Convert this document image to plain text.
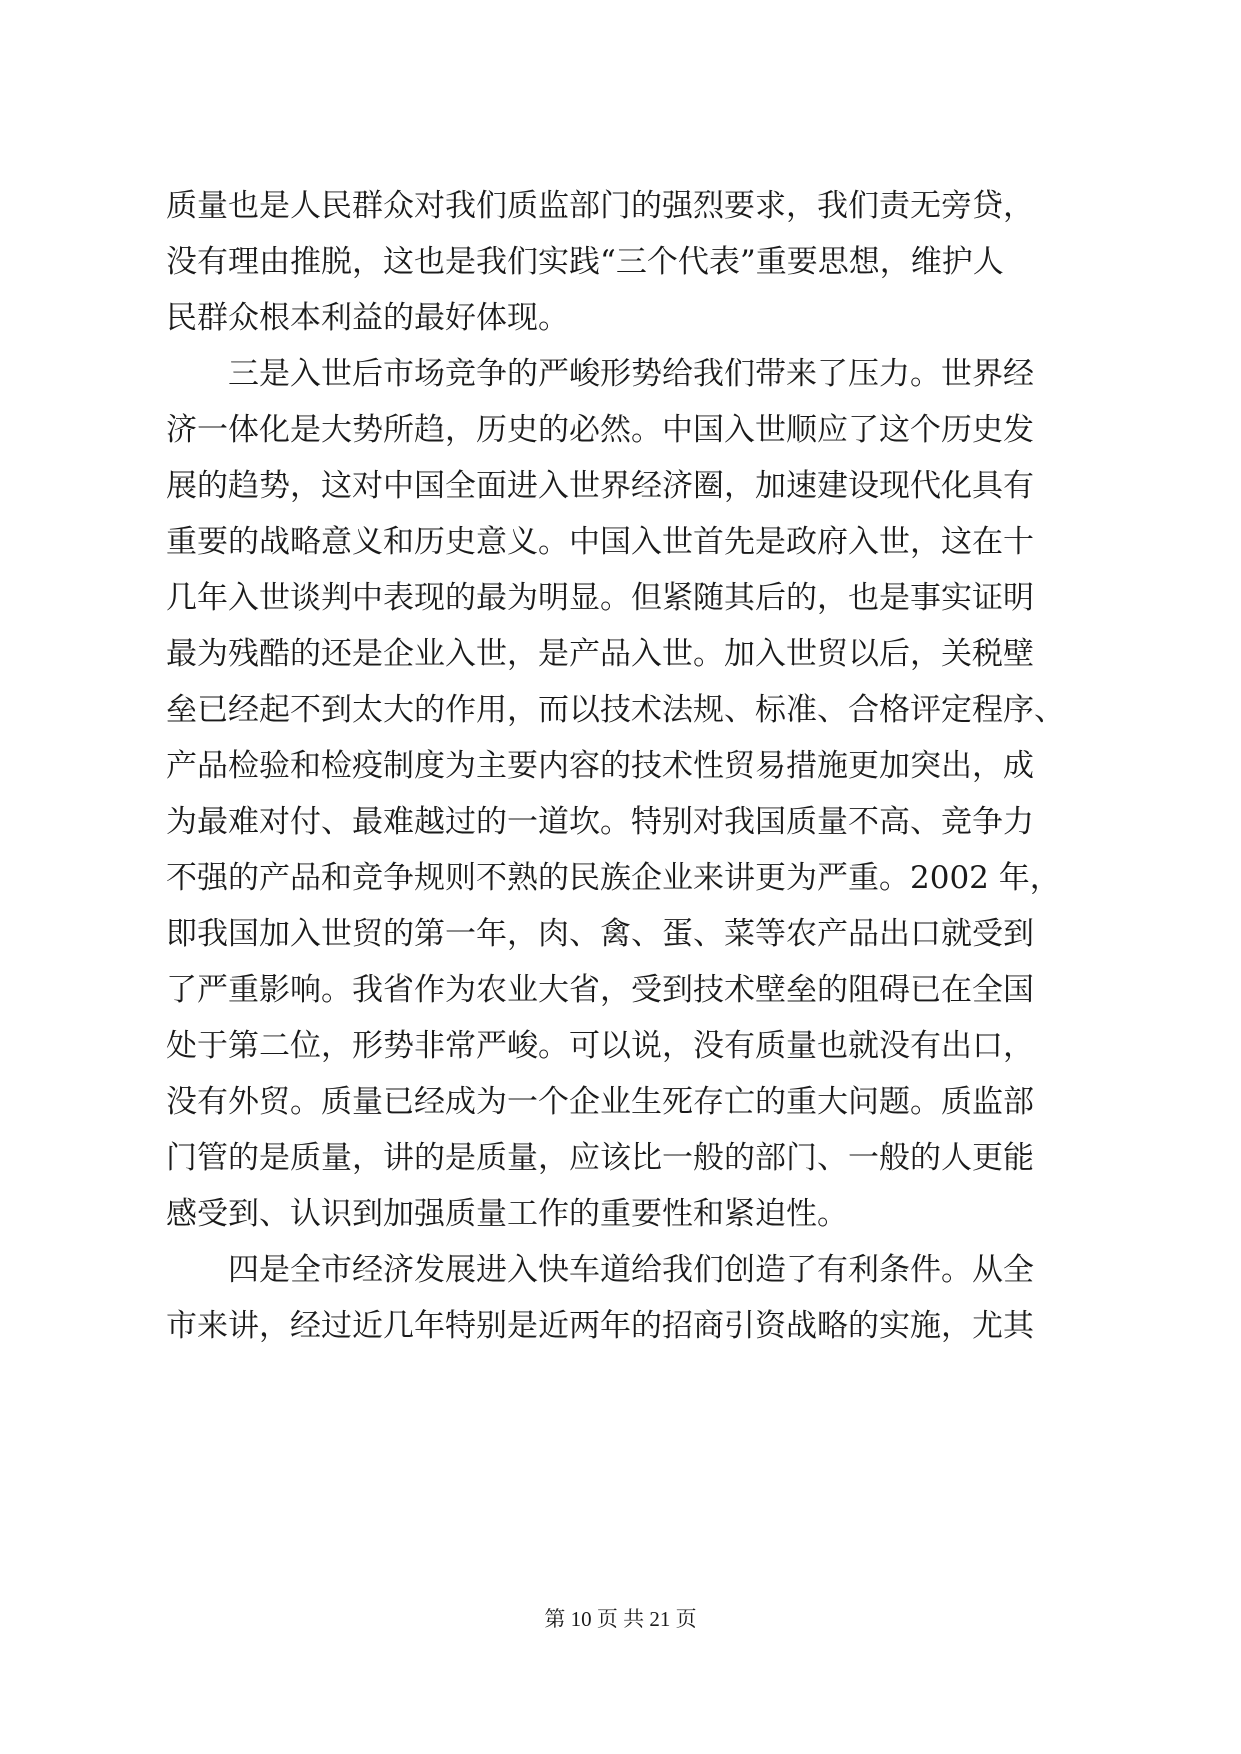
质量也是人民群众对我们质监部门的强烈要求，我们责无旁贷，
没有理由推脱，这也是我们实践“三个代表”重要思想，维护人
民群众根本利益的最好体现。
三是入世后市场竞争的严峻形势给我们带来了压力。世界经
济一体化是大势所趋，历史的必然。中国入世顺应了这个历史发
展的趋势，这对中国全面进入世界经济圈，加速建设现代化具有
重要的战略意义和历史意义。中国入世首先是政府入世，这在十
几年入世谈判中表现的最为明显。但紧随其后的，也是事实证明
最为残酷的还是企业入世，是产品入世。加入世贸以后，关税壁
垒已经起不到太大的作用，而以技术法规、标准、合格评定程序、
产品检验和检疫制度为主要内容的技术性贸易措施更加突出，成
为最难对付、最难越过的一道坎。特别对我国质量不高、竞争力
不强的产品和竞争规则不熟的民族企业来讲更为严重。2002 年，
即我国加入世贸的第一年，肉、禽、蛋、菜等农产品出口就受到
了严重影响。我省作为农业大省，受到技术壁垒的阻碍已在全国
处于第二位，形势非常严峻。可以说，没有质量也就没有出口，
没有外贸。质量已经成为一个企业生死存亡的重大问题。质监部
门管的是质量，讲的是质量，应该比一般的部门、一般的人更能
感受到、认识到加强质量工作的重要性和紧迫性。
四是全市经济发展进入快车道给我们创造了有利条件。从全
市来讲，经过近几年特别是近两年的招商引资战略的实施，尤其
第 10 页 共 21 页
